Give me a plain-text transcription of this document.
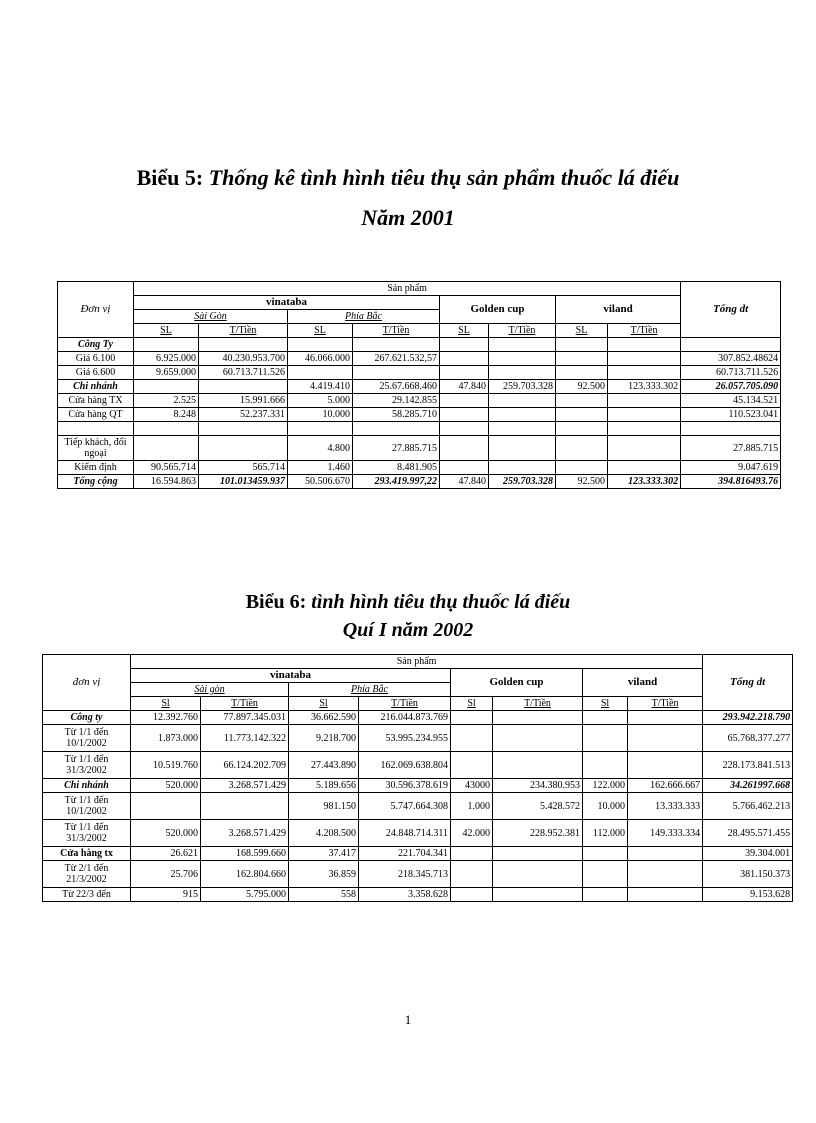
Biểu 5: Thống kê tình hình tiêu thụ sản phẩm thuốc lá điếu
Năm 2001
Đơn vị	Sản phẩm								Tổng dt
	vinataba				Golden cup		viland		
	Sài Gòn		Phía Bắc						
	SL	T/Tiền	SL	T/Tiền	SL	T/Tiền	SL	T/Tiền	
Công Ty									
Giá 6.100	6.925.000	40.230.953.700	46.066.000	267.621.532,57					307.852.48624
Giá 6.600	9.659.000	60.713.711.526							60.713.711.526
Chi nhánh			4.419.410	25.67.668.460	47.840	259.703.328	92.500	123.333.302	26.057.705.090
Cửa hàng TX	2.525	15.991.666	5.000	29.142.855					45.134.521
Cửa hàng QT	8.248	52.237.331	10.000	58.285.710					110.523.041

Tiếp khách, đối ngoại			4.800	27.885.715					27.885.715
Kiểm định	90.565.714	565.714	1.460	8.481.905					9.047.619
Tổng cộng	16.594.863	101.013459.937	50.506.670	293.419.997,22	47.840	259.703.328	92.500	123.333.302	394.816493.76
Biểu 6: tình hình tiêu thụ thuốc lá điếu
Quí I năm 2002
đơn vị	Sản phẩm								Tổng dt
	vinataba				Golden cup		viland		
	Sài gòn		Phía Bắc						
	Sl	T/Tiền	Sl	T/Tiền	Sl	T/Tiền	Sl	T/Tiền	
Công ty	12.392.760	77.897.345.031	36.662.590	216.044.873.769					293.942.218.790
Từ 1/1 đến 10/1/2002	1.873.000	11.773.142.322	9.218.700	53.995.234.955					65.768.377.277
Từ 1/1 đến 31/3/2002	10.519.760	66.124.202.709	27.443.890	162.069.638.804					228.173.841.513
Chi nhánh	520.000	3.268.571.429	5.189.656	30.596.378.619	43000	234.380.953	122.000	162.666.667	34.261997.668
Từ 1/1 đến 10/1/2002			981.150	5.747.664.308	1.000	5.428.572	10.000	13.333.333	5.766.462.213
Từ 1/1 đến 31/3/2002	520.000	3.268.571.429	4.208.500	24.848.714.311	42.000	228.952.381	112.000	149.333.334	28.495.571.455
Cửa hàng tx	26.621	168.599.660	37.417	221.704.341					39.304.001
Từ 2/1 đến 21/3/2002	25.706	162.804.660	36.859	218.345.713					381.150.373
Từ 22/3 đến	915	5.795.000	558	3.358.628					9.153.628
1
